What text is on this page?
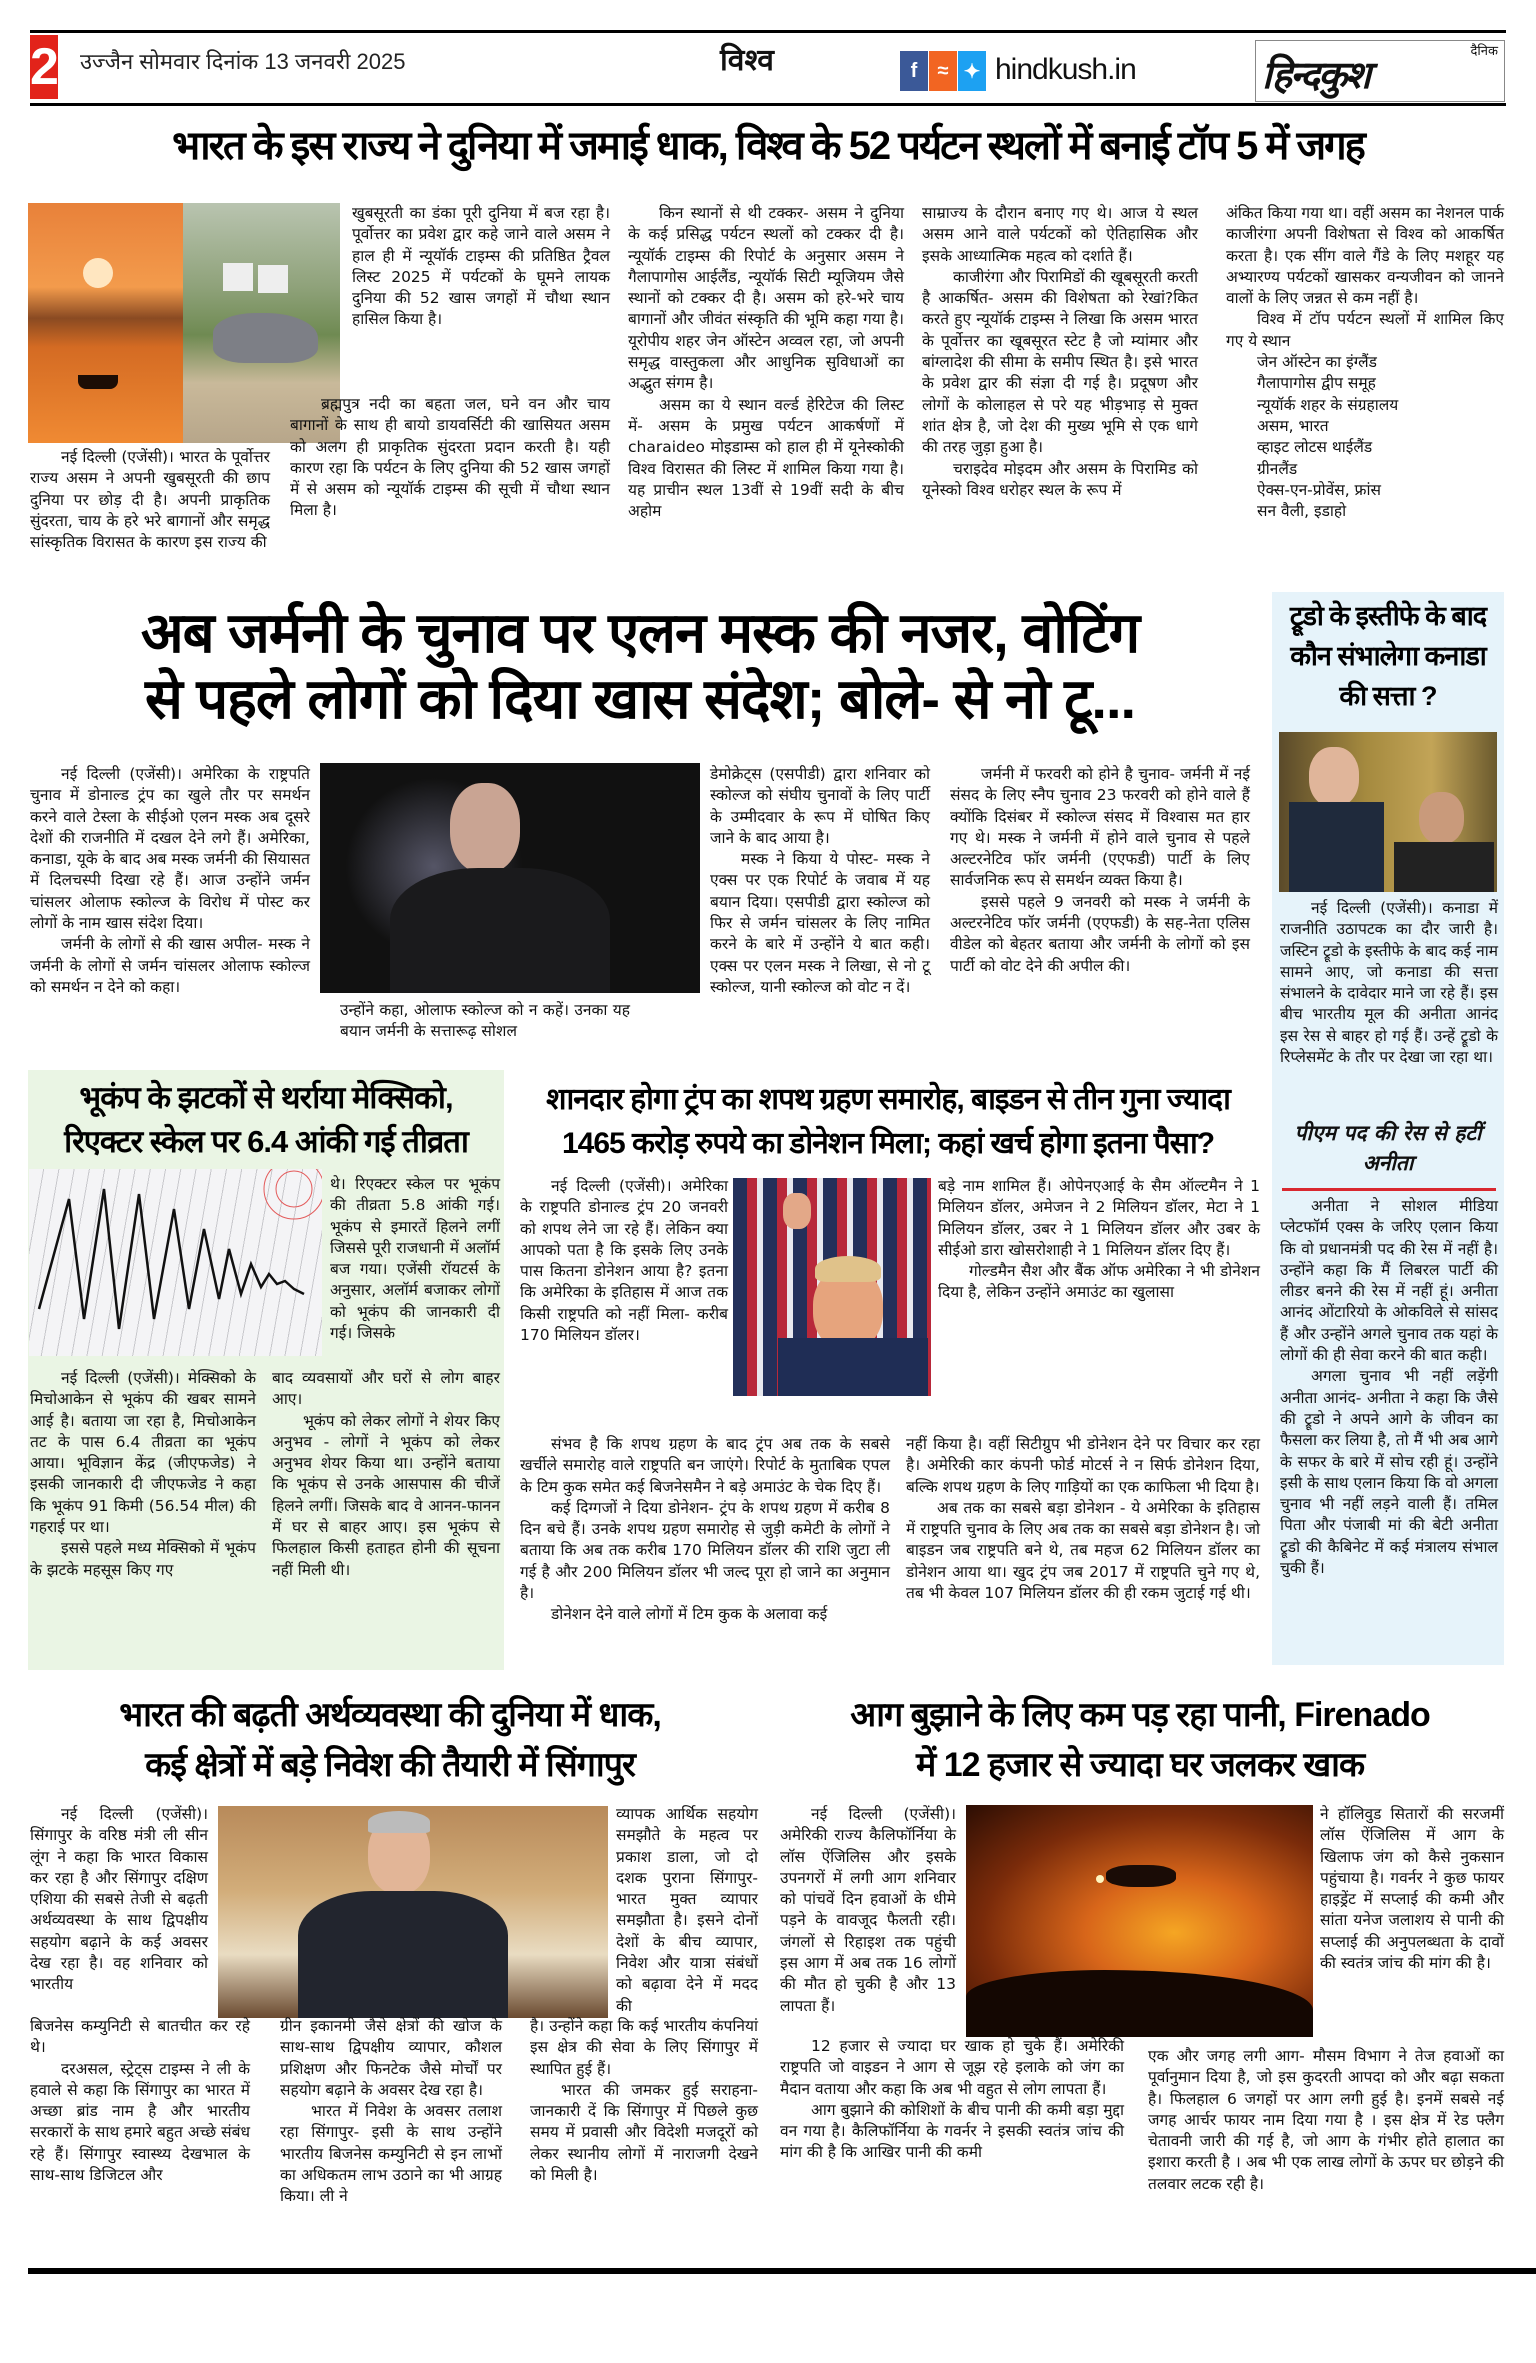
2 उज्जैन सोमवार दिनांक 13 जनवरी 2025	विश्व	f	≈ ✦ hindkush.in
दैनिक
हिन्दकुश
भारत के इस राज्य ने दुनिया में जमाई धाक, विश्व के 52 पर्यटन स्थलों में बनाई टॉप 5 में जगह

नई दिल्ली (एजेंसी)। भारत के पूर्वोत्तर राज्य असम ने अपनी खुबसूरती की छाप दुनिया पर छोड़ दी है। अपनी प्राकृतिक सुंदरता, चाय के हरे भरे बागानों और समृद्ध सांस्कृतिक विरासत के कारण इस राज्य की

खुबसूरती का डंका पूरी दुनिया में बज रहा है। पूर्वोत्तर का प्रवेश द्वार कहे जाने वाले असम ने हाल ही में न्यूयॉर्क टाइम्स की प्रतिष्ठित ट्रैवल लिस्ट 2025 में पर्यटकों के घूमने लायक दुनिया की 52 खास जगहों में चौथा स्थान हासिल किया है।

ब्रह्मपुत्र नदी का बहता जल, घने वन और चाय बागानों के साथ ही बायो डायवर्सिटी की खासियत असम को अलग ही प्राकृतिक सुंदरता प्रदान करती है। यही कारण रहा कि पर्यटन के लिए दुनिया की 52 खास जगहों में से असम को न्यूयॉर्क टाइम्स की सूची में चौथा स्थान मिला है।

किन स्थानों से थी टक्कर- असम ने दुनिया के कई प्रसिद्ध पर्यटन स्थलों को टक्कर दी है। न्यूयॉर्क टाइम्स की रिपोर्ट के अनुसार असम ने गैलापागोस आईलैंड, न्यूयॉर्क सिटी म्यूजियम जैसे स्थानों को टक्कर दी है। असम को हरे-भरे चाय बागानों और जीवंत संस्कृति की भूमि कहा गया है। यूरोपीय शहर जेन ऑस्टेन अव्वल रहा, जो अपनी समृद्ध वास्तुकला और आधुनिक सुविधाओं का अद्भुत संगम है।

असम का ये स्थान वर्ल्ड हेरिटेज की लिस्ट में- असम के प्रमुख पर्यटन आकर्षणों में charaideo मोइडाम्स को हाल ही में यूनेस्कोकी विश्व विरासत की लिस्ट में शामिल किया गया है। यह प्राचीन स्थल 13वीं से 19वीं सदी के बीच अहोम

साम्राज्य के दौरान बनाए गए थे। आज ये स्थल असम आने वाले पर्यटकों को ऐतिहासिक और इसके आध्यात्मिक महत्व को दर्शाते हैं।

काजीरंगा और पिरामिडों की खूबसूरती करती है आकर्षित- असम की विशेषता को रेखां?कित करते हुए न्यूयॉर्क टाइम्स ने लिखा कि असम भारत के पूर्वोत्तर का खूबसूरत स्टेट है जो म्यांमार और बांग्लादेश की सीमा के समीप स्थित है। इसे भारत के प्रवेश द्वार की संज्ञा दी गई है। प्रदूषण और लोगों के कोलाहल से परे यह भीड़भाड़ से मुक्त शांत क्षेत्र है, जो देश की मुख्य भूमि से एक धागे की तरह जुड़ा हुआ है।

चराइदेव मोइदम और असम के पिरामिड को यूनेस्को विश्व धरोहर स्थल के रूप में

अंकित किया गया था। वहीं असम का नेशनल पार्क काजीरंगा अपनी विशेषता से विश्व को आकर्षित करता है। एक सींग वाले गैंडे के लिए मशहूर यह अभ्यारण्य पर्यटकों खासकर वन्यजीवन को जानने वालों के लिए जन्नत से कम नहीं है।

विश्व में टॉप पर्यटन स्थलों में शामिल किए गए ये स्थान

जेन ऑस्टेन का इंग्लैंड
गैलापागोस द्वीप समूह
न्यूयॉर्क शहर के संग्रहालय
असम, भारत
व्हाइट लोटस थाईलैंड
ग्रीनलैंड
ऐक्स-एन-प्रोवेंस, फ्रांस
सन वैली, इडाहो
अब जर्मनी के चुनाव पर एलन मस्क की नजर, वोटिंग
से पहले लोगों को दिया खास संदेश; बोले- से नो टू...

नई दिल्ली (एजेंसी)। अमेरिका के राष्ट्रपति चुनाव में डोनाल्ड ट्रंप का खुले तौर पर समर्थन करने वाले टेस्ला के सीईओ एलन मस्क अब दूसरे देशों की राजनीति में दखल देने लगे हैं। अमेरिका, कनाडा, यूके के बाद अब मस्क जर्मनी की सियासत में दिलचस्पी दिखा रहे हैं। आज उन्होंने जर्मन चांसलर ओलाफ स्कोल्ज के विरोध में पोस्ट कर लोगों के नाम खास संदेश दिया।

जर्मनी के लोगों से की खास अपील- मस्क ने जर्मनी के लोगों से जर्मन चांसलर ओलाफ स्कोल्ज को समर्थन न देने को कहा।

उन्होंने कहा, ओलाफ स्कोल्ज को न कहें। उनका यह बयान जर्मनी के सत्तारूढ़ सोशल

डेमोक्रेट्स (एसपीडी) द्वारा शनिवार को स्कोल्ज को संघीय चुनावों के लिए पार्टी के उम्मीदवार के रूप में घोषित किए जाने के बाद आया है।

मस्क ने किया ये पोस्ट- मस्क ने एक्स पर एक रिपोर्ट के जवाब में यह बयान दिया। एसपीडी द्वारा स्कोल्ज को फिर से जर्मन चांसलर के लिए नामित करने के बारे में उन्होंने ये बात कही। एक्स पर एलन मस्क ने लिखा, से नो टू स्कोल्ज, यानी स्कोल्ज को वोट न दें।

जर्मनी में फरवरी को होने है चुनाव- जर्मनी में नई संसद के लिए स्नैप चुनाव 23 फरवरी को होने वाले हैं क्योंकि दिसंबर में स्कोल्ज संसद में विश्वास मत हार गए थे। मस्क ने जर्मनी में होने वाले चुनाव से पहले अल्टरनेटिव फॉर जर्मनी (एएफडी) पार्टी के लिए सार्वजनिक रूप से समर्थन व्यक्त किया है।

इससे पहले 9 जनवरी को मस्क ने जर्मनी के अल्टरनेटिव फॉर जर्मनी (एएफडी) के सह-नेता एलिस वीडेल को बेहतर बताया और जर्मनी के लोगों को इस पार्टी को वोट देने की अपील की।

ट्रूडो के इस्तीफे के बाद कौन संभालेगा कनाडा की सत्ता ?

नई दिल्ली (एजेंसी)। कनाडा में राजनीति उठापटक का दौर जारी है। जस्टिन ट्रूडो के इस्तीफे के बाद कई नाम सामने आए, जो कनाडा की सत्ता संभालने के दावेदार माने जा रहे हैं। इस बीच भारतीय मूल की अनीता आनंद इस रेस से बाहर हो गई हैं। उन्हें ट्रूडो के रिप्लेसमेंट के तौर पर देखा जा रहा था।

पीएम पद की रेस से हटीं अनीता

अनीता ने सोशल मीडिया प्लेटफॉर्म एक्स के जरिए एलान किया कि वो प्रधानमंत्री पद की रेस में नहीं है। उन्होंने कहा कि मैं लिबरल पार्टी की लीडर बनने की रेस में नहीं हूं। अनीता आनंद ओंटारियो के ओकविले से सांसद हैं और उन्होंने अगले चुनाव तक यहां के लोगों की ही सेवा करने की बात कही।

अगला चुनाव भी नहीं लड़ेंगी अनीता आनंद- अनीता ने कहा कि जैसे की ट्रूडो ने अपने आगे के जीवन का फैसला कर लिया है, तो मैं भी अब आगे के सफर के बारे में सोच रही हूं। उन्होंने इसी के साथ एलान किया कि वो अगला चुनाव भी नहीं लड़ने वाली हैं। तमिल पिता और पंजाबी मां की बेटी अनीता ट्रूडो की कैबिनेट में कई मंत्रालय संभाल चुकी हैं।

भूकंप के झटकों से थर्राया मेक्सिको,
रिएक्टर स्केल पर 6.4 आंकी गई तीव्रता

थे। रिएक्टर स्केल पर भूकंप की तीव्रता 5.8 आंकी गई। भूकंप से इमारतें हिलने लगीं जिससे पूरी राजधानी में अलॉर्म बज गया। एजेंसी रॉयटर्स के अनुसार, अलॉर्म बजाकर लोगों को भूकंप की जानकारी दी गई। जिसके

नई दिल्ली (एजेंसी)। मेक्सिको के मिचोआकेन से भूकंप की खबर सामने आई है। बताया जा रहा है, मिचोआकेन तट के पास 6.4 तीव्रता का भूकंप आया। भूविज्ञान केंद्र (जीएफजेड) ने इसकी जानकारी दी जीएफजेड ने कहा कि भूकंप 91 किमी (56.54 मील) की गहराई पर था।

इससे पहले मध्य मेक्सिको में भूकंप के झटके महसूस किए गए

बाद व्यवसायों और घरों से लोग बाहर आए।

भूकंप को लेकर लोगों ने शेयर किए अनुभव - लोगों ने भूकंप को लेकर अनुभव शेयर किया था। उन्होंने बताया कि भूकंप से उनके आसपास की चीजें हिलने लगीं। जिसके बाद वे आनन-फानन में घर से बाहर आए। इस भूकंप से फिलहाल किसी हताहत होनी की सूचना नहीं मिली थी।

शानदार होगा ट्रंप का शपथ ग्रहण समारोह, बाइडन से तीन गुना ज्यादा
1465 करोड़ रुपये का डोनेशन मिला; कहां खर्च होगा इतना पैसा?

नई दिल्ली (एजेंसी)। अमेरिका के राष्ट्रपति डोनाल्ड ट्रंप 20 जनवरी को शपथ लेने जा रहे हैं। लेकिन क्या आपको पता है कि इसके लिए उनके पास कितना डोनेशन आया है? इतना कि अमेरिका के इतिहास में आज तक किसी राष्ट्रपति को नहीं मिला- करीब 170 मिलियन डॉलर।

बड़े नाम शामिल हैं। ओपेनएआई के सैम ऑल्टमैन ने 1 मिलियन डॉलर, अमेजन ने 2 मिलियन डॉलर, मेटा ने 1 मिलियन डॉलर, उबर ने 1 मिलियन डॉलर और उबर के सीईओ डारा खोसरोशाही ने 1 मिलियन डॉलर दिए हैं।

गोल्डमैन सैश और बैंक ऑफ अमेरिका ने भी डोनेशन दिया है, लेकिन उन्होंने अमाउंट का खुलासा

संभव है कि शपथ ग्रहण के बाद ट्रंप अब तक के सबसे खर्चीले समारोह वाले राष्ट्रपति बन जाएंगे। रिपोर्ट के मुताबिक एपल के टिम कुक समेत कई बिजनेसमैन ने बड़े अमाउंट के चेक दिए हैं।

कई दिग्गजों ने दिया डोनेशन- ट्रंप के शपथ ग्रहण में करीब 8 दिन बचे हैं। उनके शपथ ग्रहण समारोह से जुड़ी कमेटी के लोगों ने बताया कि अब तक करीब 170 मिलियन डॉलर की राशि जुटा ली गई है और 200 मिलियन डॉलर भी जल्द पूरा हो जाने का अनुमान है।

डोनेशन देने वाले लोगों में टिम कुक के अलावा कई

नहीं किया है। वहीं सिटीग्रुप भी डोनेशन देने पर विचार कर रहा है। अमेरिकी कार कंपनी फोर्ड मोटर्स ने न सिर्फ डोनेशन दिया, बल्कि शपथ ग्रहण के लिए गाड़ियों का एक काफिला भी दिया है।

अब तक का सबसे बड़ा डोनेशन - ये अमेरिका के इतिहास में राष्ट्रपति चुनाव के लिए अब तक का सबसे बड़ा डोनेशन है। जो बाइडन जब राष्ट्रपति बने थे, तब महज 62 मिलियन डॉलर का डोनेशन आया था। खुद ट्रंप जब 2017 में राष्ट्रपति चुने गए थे, तब भी केवल 107 मिलियन डॉलर की ही रकम जुटाई गई थी।

भारत की बढ़ती अर्थव्यवस्था की दुनिया में धाक,
कई क्षेत्रों में बड़े निवेश की तैयारी में सिंगापुर

नई दिल्ली (एजेंसी)। सिंगापुर के वरिष्ठ मंत्री ली सीन लूंग ने कहा कि भारत विकास कर रहा है और सिंगापुर दक्षिण एशिया की सबसे तेजी से बढ़ती अर्थव्यवस्था के साथ द्विपक्षीय सहयोग बढ़ाने के कई अवसर देख रहा है। वह शनिवार को भारतीय

व्यापक आर्थिक सहयोग समझौते के महत्व पर प्रकाश डाला, जो दो दशक पुराना सिंगापुर-भारत मुक्त व्यापार समझौता है। इसने दोनों देशों के बीच व्यापार, निवेश और यात्रा संबंधों को बढ़ावा देने में मदद की

बिजनेस कम्युनिटी से बातचीत कर रहे थे।

दरअसल, स्ट्रेट्स टाइम्स ने ली के हवाले से कहा कि सिंगापुर का भारत में अच्छा ब्रांड नाम है और भारतीय सरकारों के साथ हमारे बहुत अच्छे संबंध रहे हैं। सिंगापुर स्वास्थ्य देखभाल के साथ-साथ डिजिटल और

ग्रीन इकानमी जैसे क्षेत्रों की खोज के साथ-साथ द्विपक्षीय व्यापार, कौशल प्रशिक्षण और फिनटेक जैसे मोर्चों पर सहयोग बढ़ाने के अवसर देख रहा है।

भारत में निवेश के अवसर तलाश रहा सिंगापुर- इसी के साथ उन्होंने भारतीय बिजनेस कम्युनिटी से इन लाभों का अधिकतम लाभ उठाने का भी आग्रह किया। ली ने

है। उन्होंने कहा कि कई भारतीय कंपनियां इस क्षेत्र की सेवा के लिए सिंगापुर में स्थापित हुई हैं।

भारत की जमकर हुई सराहना- जानकारी दें कि सिंगापुर में पिछले कुछ समय में प्रवासी और विदेशी मजदूरों को लेकर स्थानीय लोगों में नाराजगी देखने को मिली है।

आग बुझाने के लिए कम पड़ रहा पानी, Firenado
में 12 हजार से ज्यादा घर जलकर खाक

नई दिल्ली (एजेंसी)। अमेरिकी राज्य कैलिफॉर्निया के लॉस ऐंजिलिस और इसके उपनगरों में लगी आग शनिवार को पांचवें दिन हवाओं के धीमे पड़ने के वावजूद फैलती रही। जंगलों से रिहाइश तक पहुंची इस आग में अब तक 16 लोगों की मौत हो चुकी है और 13 लापता हैं।

ने हॉलिवुड सितारों की सरजमीं लॉस ऐंजिलिस में आग के खिलाफ जंग को कैसे नुकसान पहुंचाया है। गवर्नर ने कुछ फायर हाइड्रेंट में सप्लाई की कमी और सांता यनेज जलाशय से पानी की सप्लाई की अनुपलब्धता के दावों की स्वतंत्र जांच की मांग की है।

12 हजार से ज्यादा घर खाक हो चुके हैं। अमेरिकी राष्ट्रपति जो वाइडन ने आग से जूझ रहे इलाके को जंग का मैदान वताया और कहा कि अब भी वहुत से लोग लापता हैं।

आग बुझाने की कोशिशों के बीच पानी की कमी बड़ा मुद्दा वन गया है। कैलिफॉर्निया के गवर्नर ने इसकी स्वतंत्र जांच की मांग की है कि आखिर पानी की कमी

एक और जगह लगी आग- मौसम विभाग ने तेज हवाओं का पूर्वानुमान दिया है, जो इस कुदरती आपदा को और बढ़ा सकता है। फिलहाल 6 जगहों पर आग लगी हुई है। इनमें सबसे नई जगह आर्चर फायर नाम दिया गया है । इस क्षेत्र में रेड फ्लैग चेतावनी जारी की गई है, जो आग के गंभीर होते हालात का इशारा करती है । अब भी एक लाख लोगों के ऊपर घर छोड़ने की तलवार लटक रही है।
